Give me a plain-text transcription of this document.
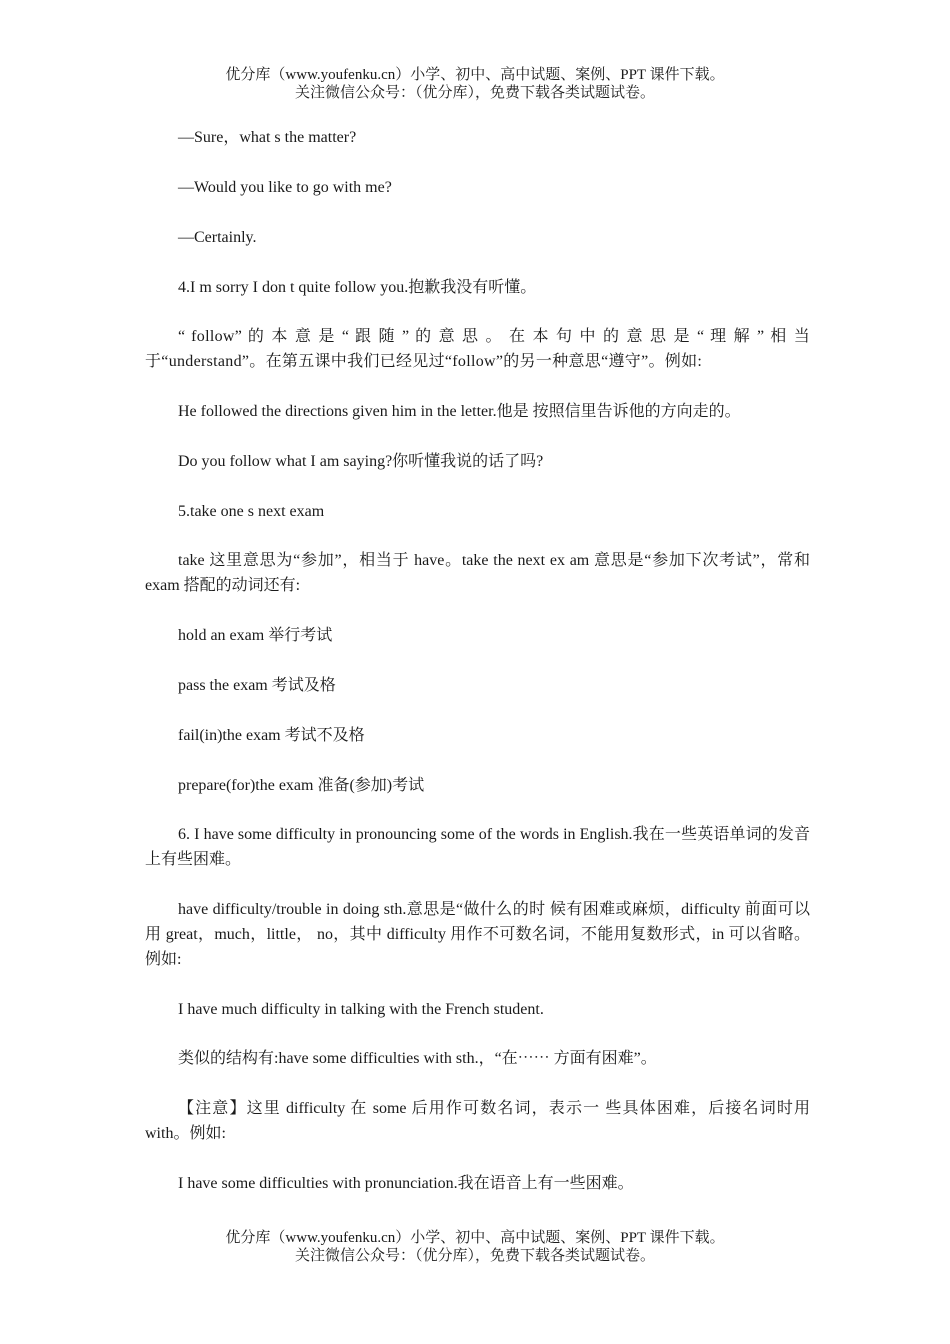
优分库（www.youfenku.cn）小学、初中、高中试题、案例、PPT 课件下载。
关注微信公众号：（优分库），免费下载各类试题试卷。
—Sure，what s the matter?
—Would you like to go with me?
—Certainly.
4.I m sorry I don t quite follow you.抱歉我没有听懂。
“ follow” 的 本 意 是 “ 跟 随 ” 的 意 思 。 在 本 句 中 的 意 思 是 “ 理 解 ” 相 当 于“understand”。在第五课中我们已经见过“follow”的另一种意思“遵守”。例如:
He followed the directions given him in the letter.他是 按照信里告诉他的方向走的。
Do you follow what I am saying?你听懂我说的话了吗?
5.take one s next exam
take 这里意思为“参加”，相当于 have。take the next ex am 意思是“参加下次考试”，常和 exam 搭配的动词还有:
hold an exam 举行考试
pass the exam 考试及格
fail(in)the exam 考试不及格
prepare(for)the exam 准备(参加)考试
6. I have some difficulty in pronouncing some of the words in English.我在一些英语单词的发音上有些困难。
have difficulty/trouble in doing sth.意思是“做什么的时 候有困难或麻烦，difficulty 前面可以用 great，much，little， no，其中 difficulty 用作不可数名词，不能用复数形式，in 可以省略。例如:
I have much difficulty in talking with the French student.
类似的结构有:have some difficulties with sth.，“在⋯⋯ 方面有困难”。
【注意】这里 difficulty 在 some 后用作可数名词，表示一 些具体困难，后接名词时用with。例如:
I have some difficulties with pronunciation.我在语音上有一些困难。
优分库（www.youfenku.cn）小学、初中、高中试题、案例、PPT 课件下载。
关注微信公众号：（优分库），免费下载各类试题试卷。
